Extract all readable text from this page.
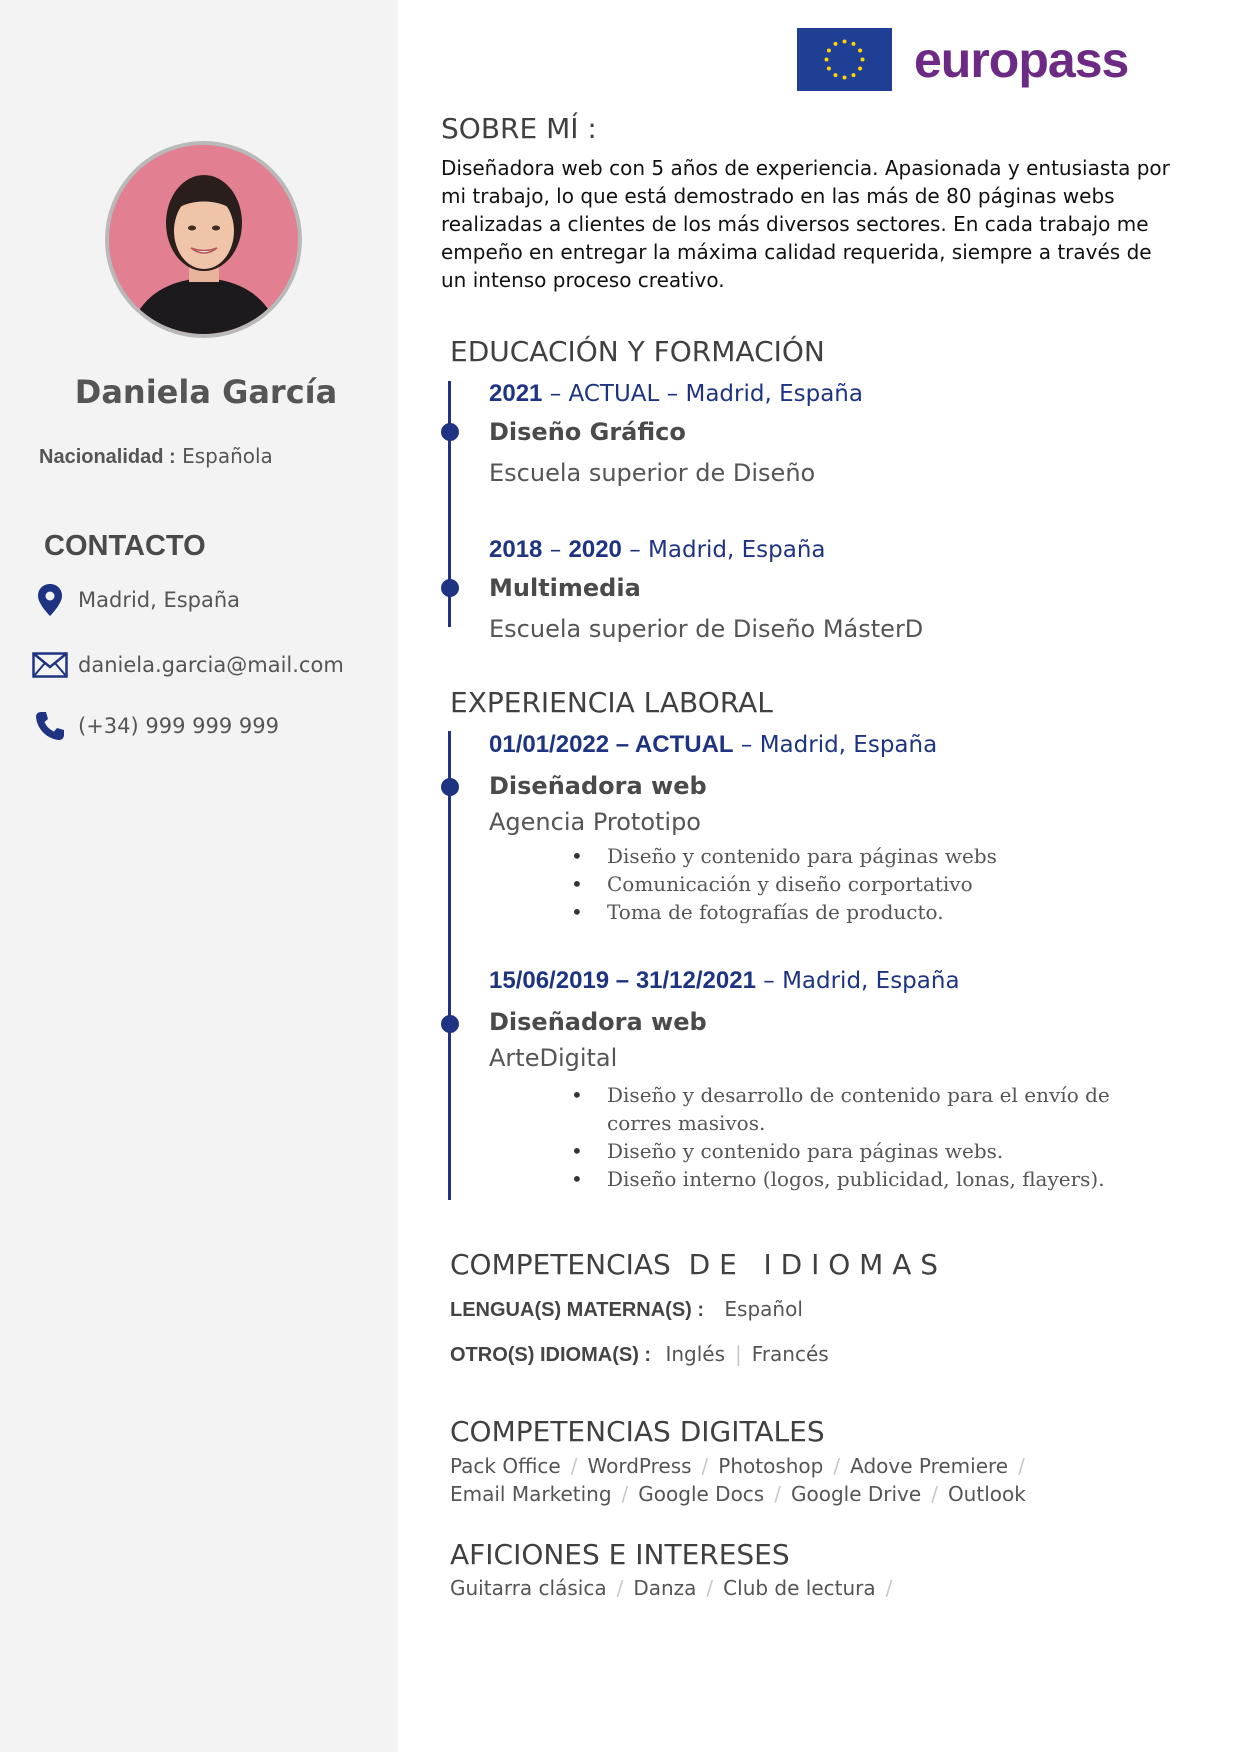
Daniela García
Nacionalidad : Española
CONTACTO
Madrid, España
daniela.garcia@mail.com
(+34) 999 999 999
europass
SOBRE MÍ :
Diseñadora web con 5 años de experiencia. Apasionada y entusiasta por mi trabajo, lo que está demostrado en las más de 80 páginas webs realizadas a clientes de los más diversos sectores. En cada trabajo me empeño en entregar la máxima calidad requerida, siempre a través de un intenso proceso creativo.
EDUCACIÓN Y FORMACIÓN
2021 – ACTUAL – Madrid, España
Diseño Gráfico
Escuela superior de Diseño
2018 – 2020 – Madrid, España
Multimedia
Escuela superior de Diseño MásterD
EXPERIENCIA LABORAL
01/01/2022 – ACTUAL – Madrid, España
Diseñadora web
Agencia Prototipo
• Diseño y contenido para páginas webs
• Comunicación y diseño corportativo
• Toma de fotografías de producto.
15/06/2019 – 31/12/2021 – Madrid, España
Diseñadora web
ArteDigital
• Diseño y desarrollo de contenido para el envío de corres masivos.
• Diseño y contenido para páginas webs.
• Diseño interno (logos, publicidad, lonas, flayers).
COMPETENCIAS  D E   I D I O M A S
LENGUA(S) MATERNA(S) : Español
OTRO(S) IDIOMA(S) : Inglés | Francés
COMPETENCIAS DIGITALES
Pack Office / WordPress / Photoshop / Adove Premiere /
Email Marketing / Google Docs / Google Drive / Outlook
AFICIONES E INTERESES
Guitarra clásica / Danza / Club de lectura /
